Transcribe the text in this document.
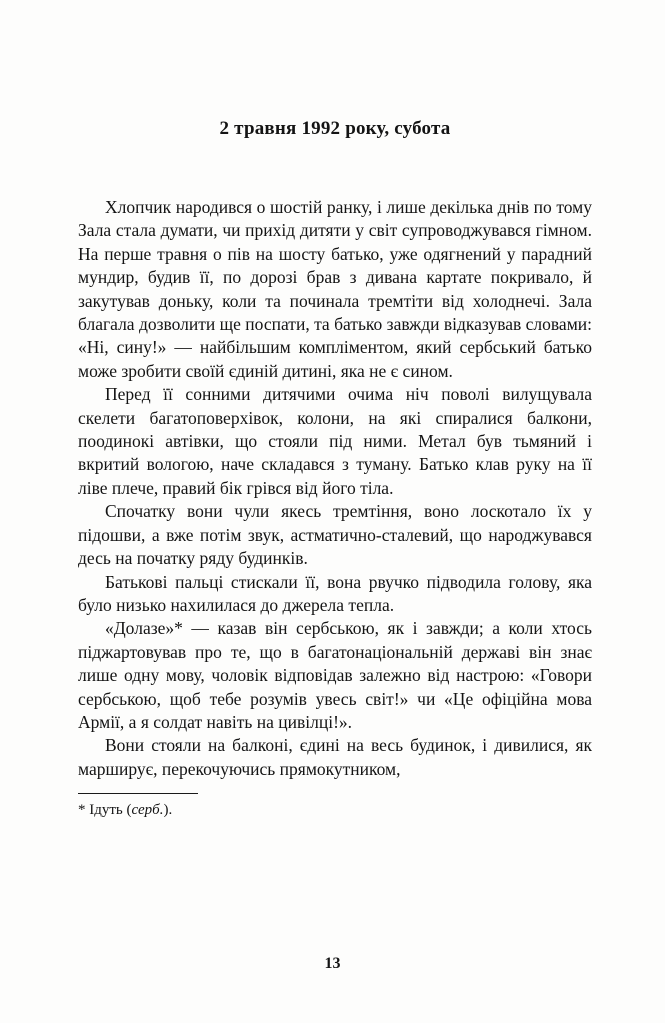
2 травня 1992 року, субота

Хлопчик народився о шостій ранку, і лише декілька днів по тому Зала стала думати, чи прихід дитяти у світ супроводжувався гімном. На перше травня о пів на шосту батько, уже одягнений у парадний мундир, будив її, по дорозі брав з дивана картате покривало, й закутував доньку, коли та починала тремтіти від холоднечі. Зала благала дозволити ще поспати, та батько завжди відказував словами: «Ні, сину!» — найбільшим компліментом, який сербський батько може зробити своїй єдиній дитині, яка не є сином.

Перед її сонними дитячими очима ніч поволі вилущувала скелети багатоповерхівок, колони, на які спиралися балкони, поодинокі автівки, що стояли під ними. Метал був тьмяний і вкритий вологою, наче складався з туману. Батько клав руку на її ліве плече, правий бік грівся від його тіла.

Спочатку вони чули якесь тремтіння, воно лоскотало їх у підошви, а вже потім звук, астматично-сталевий, що народжувався десь на початку ряду будинків.

Батькові пальці стискали її, вона рвучко підводила голову, яка було низько нахилилася до джерела тепла.

«Долазе»* — казав він сербською, як і завжди; а коли хтось піджартовував про те, що в багатонаціональній державі він знає лише одну мову, чоловік відповідав залежно від настрою: «Говори сербською, щоб тебе розумів увесь світ!» чи «Це офіційна мова Армії, а я солдат навіть на цивілці!».

Вони стояли на балконі, єдині на весь будинок, і дивилися, як марширує, перекочуючись прямокутником,

* Ідуть (серб.).

13
